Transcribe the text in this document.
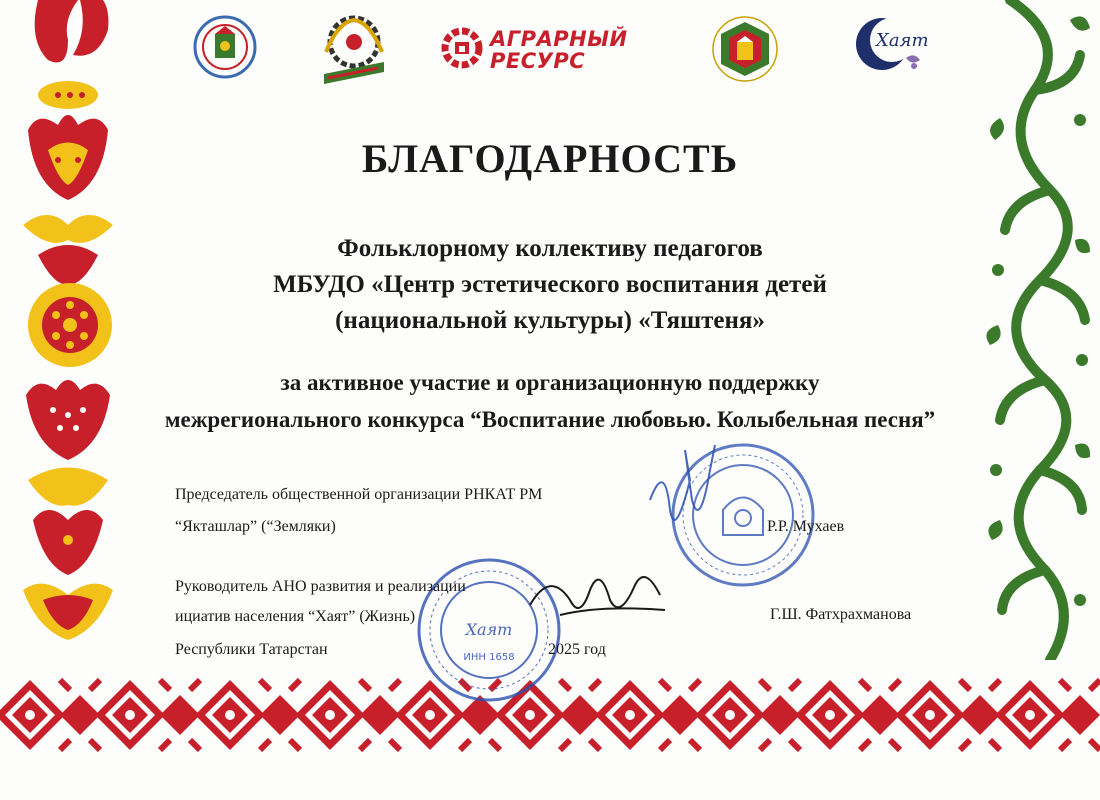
АГРАРНЫЙ
РЕСУРС
Хаят
БЛАГОДАРНОСТЬ
Фольклорному коллективу педагогов
МБУДО «Центр эстетического воспитания детей
(национальной культуры) «Тяштеня»
за активное участие и организационную поддержку
межрегионального конкурса “Воспитание любовью. Колыбельная песня”
Хаят
ИНН 1658
Председатель общественной организации РНКАТ РМ
“Якташлар” (“Земляки)	Р.Р. Мухаев
Руководитель АНО развития и реализации
ициатив населения “Хаят” (Жизнь)
Республики Татарстан	2025 год
Г.Ш. Фатхрахманова
